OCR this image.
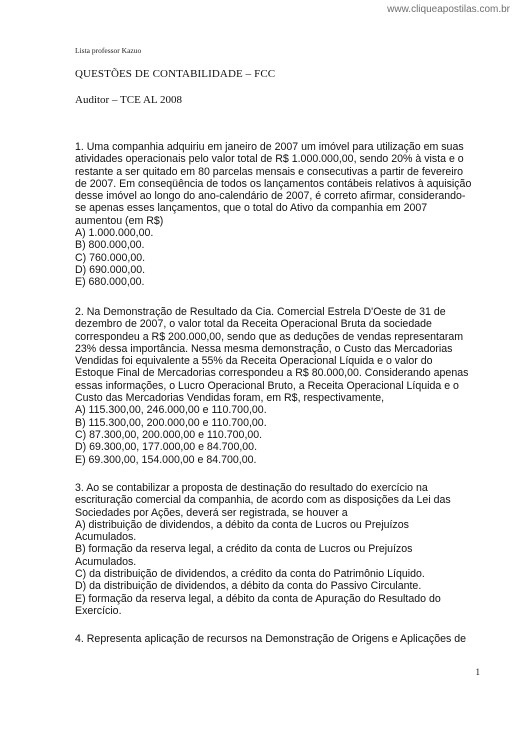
www.cliqueapostilas.com.br
Lista professor Kazuo
QUESTÕES DE CONTABILIDADE – FCC
Auditor – TCE AL 2008
1. Uma companhia adquiriu em janeiro de 2007 um imóvel para utilização em suas
atividades operacionais pelo valor total de R$ 1.000.000,00, sendo 20% à vista e o
restante a ser quitado em 80 parcelas mensais e consecutivas a partir de fevereiro
de 2007. Em conseqüência de todos os lançamentos contábeis relativos à aquisição
desse imóvel ao longo do ano-calendário de 2007, é correto afirmar, considerando-
se apenas esses lançamentos, que o total do Ativo da companhia em 2007
aumentou (em R$)
A) 1.000.000,00.
B) 800.000,00.
C) 760.000,00.
D) 690.000,00.
E) 680.000,00.
2. Na Demonstração de Resultado da Cia. Comercial Estrela D'Oeste de 31 de
dezembro de 2007, o valor total da Receita Operacional Bruta da sociedade
correspondeu a R$ 200.000,00, sendo que as deduções de vendas representaram
23% dessa importância. Nessa mesma demonstração, o Custo das Mercadorias
Vendidas foi equivalente a 55% da Receita Operacional Líquida e o valor do
Estoque Final de Mercadorias correspondeu a R$ 80.000,00. Considerando apenas
essas informações, o Lucro Operacional Bruto, a Receita Operacional Líquida e o
Custo das Mercadorias Vendidas foram, em R$, respectivamente,
A) 115.300,00, 246.000,00 e 110.700,00.
B) 115.300,00, 200.000,00 e 110.700,00.
C) 87.300,00, 200.000,00 e 110.700,00.
D) 69.300,00, 177.000,00 e 84.700,00.
E) 69.300,00, 154.000,00 e 84.700,00.
3. Ao se contabilizar a proposta de destinação do resultado do exercício na
escrituração comercial da companhia, de acordo com as disposições da Lei das
Sociedades por Ações, deverá ser registrada, se houver a
A) distribuição de dividendos, a débito da conta de Lucros ou Prejuízos
Acumulados.
B) formação da reserva legal, a crédito da conta de Lucros ou Prejuízos
Acumulados.
C) da distribuição de dividendos, a crédito da conta do Patrimônio Líquido.
D) da distribuição de dividendos, a débito da conta do Passivo Circulante.
E) formação da reserva legal, a débito da conta de Apuração do Resultado do
Exercício.
4. Representa aplicação de recursos na Demonstração de Origens e Aplicações de
1
